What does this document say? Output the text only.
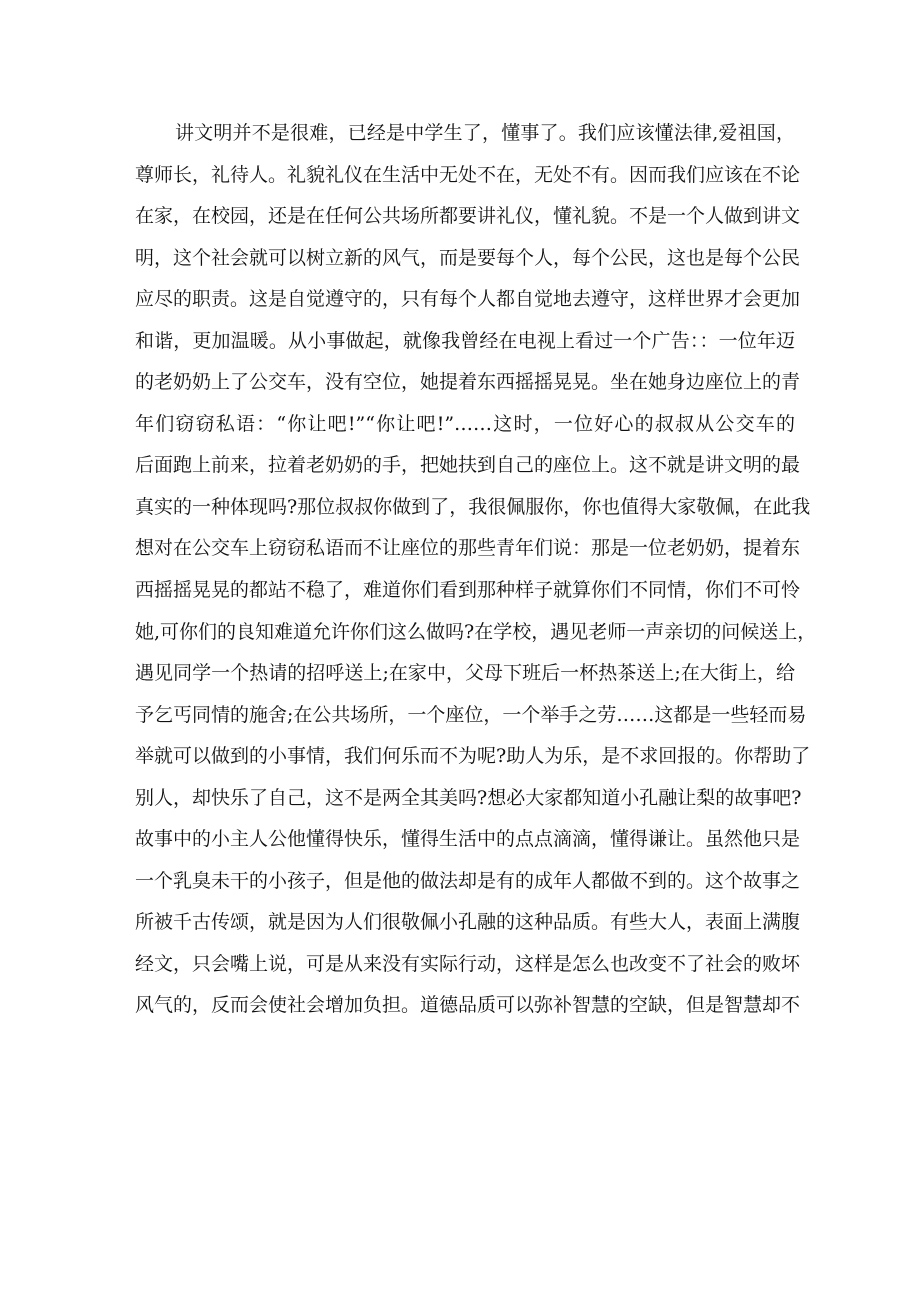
讲文明并不是很难，已经是中学生了，懂事了。我们应该懂法律,爱祖国，
尊师长，礼待人。礼貌礼仪在生活中无处不在，无处不有。因而我们应该在不论
在家，在校园，还是在任何公共场所都要讲礼仪，懂礼貌。不是一个人做到讲文
明，这个社会就可以树立新的风气，而是要每个人，每个公民，这也是每个公民
应尽的职责。这是自觉遵守的，只有每个人都自觉地去遵守，这样世界才会更加
和谐，更加温暖。从小事做起，就像我曾经在电视上看过一个广告：：一位年迈
的老奶奶上了公交车，没有空位，她提着东西摇摇晃晃。坐在她身边座位上的青
年们窃窃私语：“你让吧!”“你让吧!”……这时，一位好心的叔叔从公交车的
后面跑上前来，拉着老奶奶的手，把她扶到自己的座位上。这不就是讲文明的最
真实的一种体现吗?那位叔叔你做到了，我很佩服你，你也值得大家敬佩，在此我
想对在公交车上窃窃私语而不让座位的那些青年们说：那是一位老奶奶，提着东
西摇摇晃晃的都站不稳了，难道你们看到那种样子就算你们不同情，你们不可怜
她,可你们的良知难道允许你们这么做吗?在学校，遇见老师一声亲切的问候送上，
遇见同学一个热请的招呼送上;在家中，父母下班后一杯热茶送上;在大街上，给
予乞丐同情的施舍;在公共场所，一个座位，一个举手之劳……这都是一些轻而易
举就可以做到的小事情，我们何乐而不为呢?助人为乐，是不求回报的。你帮助了
别人，却快乐了自己，这不是两全其美吗?想必大家都知道小孔融让梨的故事吧?
故事中的小主人公他懂得快乐，懂得生活中的点点滴滴，懂得谦让。虽然他只是
一个乳臭未干的小孩子，但是他的做法却是有的成年人都做不到的。这个故事之
所被千古传颂，就是因为人们很敬佩小孔融的这种品质。有些大人，表面上满腹
经文，只会嘴上说，可是从来没有实际行动，这样是怎么也改变不了社会的败坏
风气的，反而会使社会增加负担。道德品质可以弥补智慧的空缺，但是智慧却不
